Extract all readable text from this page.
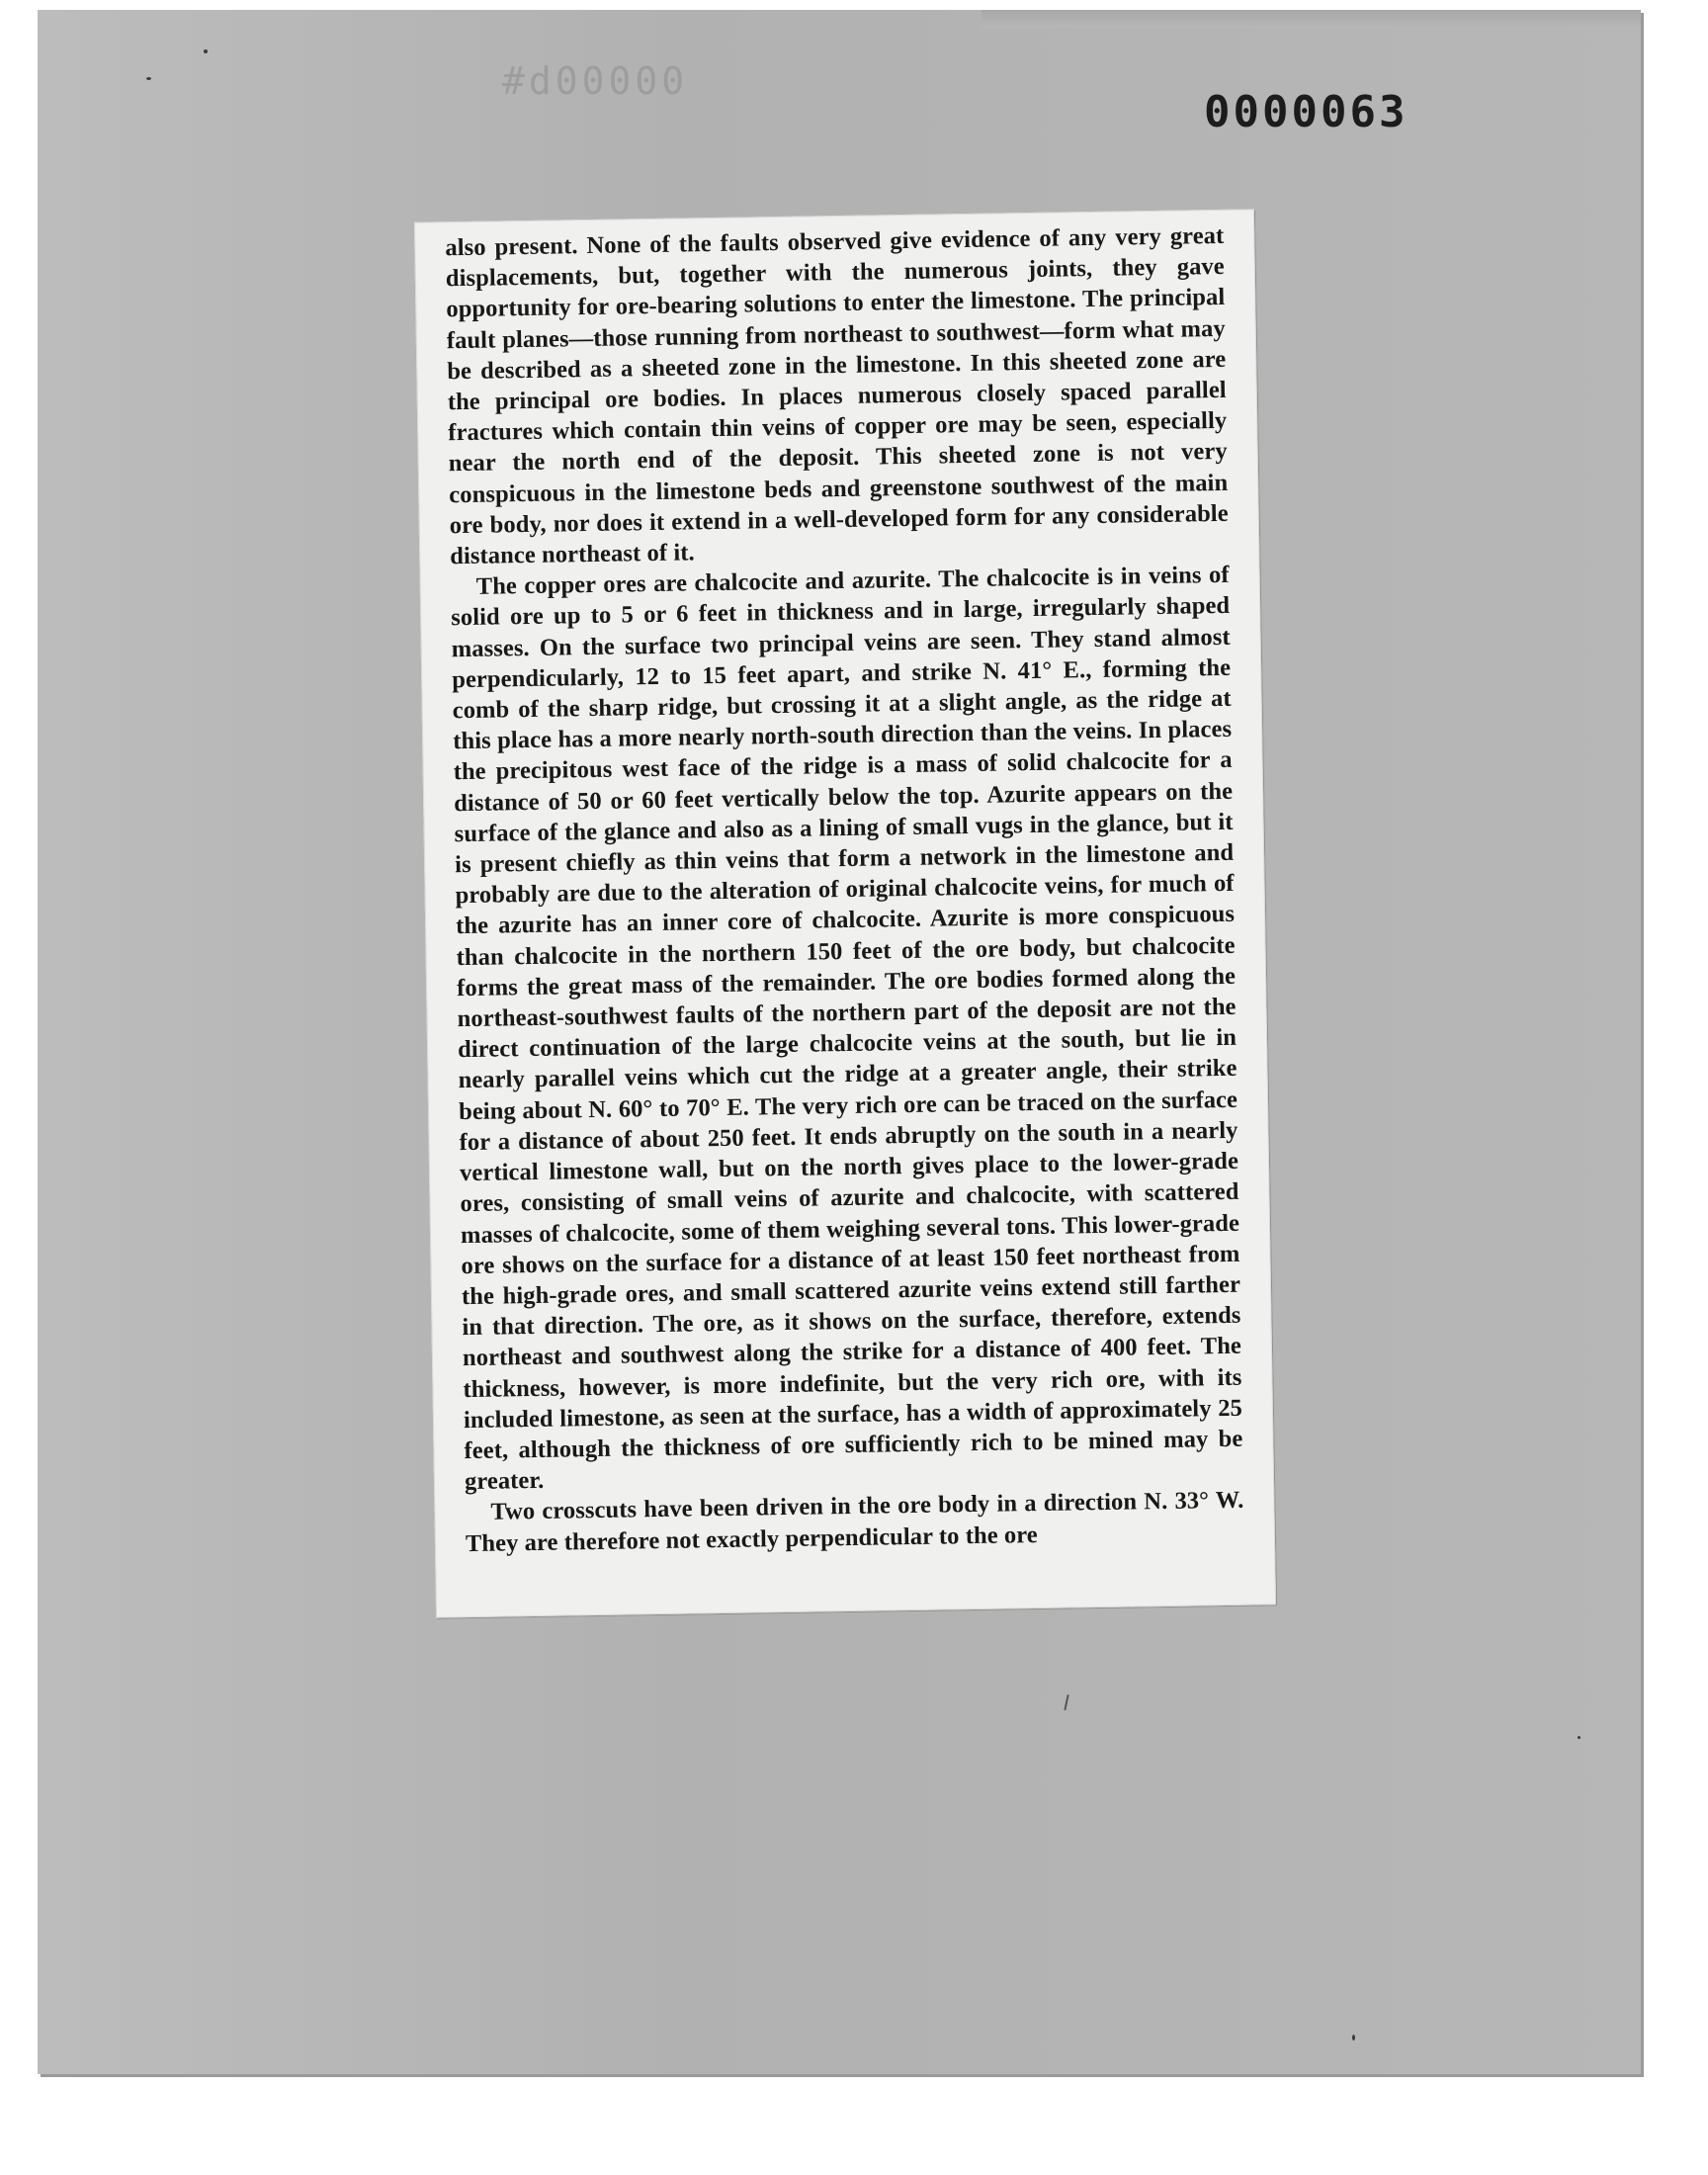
#d00000
0000063

also present. None of the faults observed give evidence of any very great displacements, but, together with the numerous joints, they gave opportunity for ore-bearing solutions to enter the limestone. The principal fault planes—those running from northeast to southwest—form what may be described as a sheeted zone in the limestone. In this sheeted zone are the principal ore bodies. In places numerous closely spaced parallel fractures which contain thin veins of copper ore may be seen, especially near the north end of the deposit. This sheeted zone is not very conspicuous in the limestone beds and greenstone southwest of the main ore body, nor does it extend in a well-developed form for any considerable distance northeast of it.

The copper ores are chalcocite and azurite. The chalcocite is in veins of solid ore up to 5 or 6 feet in thickness and in large, irregularly shaped masses. On the surface two principal veins are seen. They stand almost perpendicularly, 12 to 15 feet apart, and strike N. 41° E., forming the comb of the sharp ridge, but crossing it at a slight angle, as the ridge at this place has a more nearly north-south direction than the veins. In places the precipitous west face of the ridge is a mass of solid chalcocite for a distance of 50 or 60 feet vertically below the top. Azurite appears on the surface of the glance and also as a lining of small vugs in the glance, but it is present chiefly as thin veins that form a network in the limestone and probably are due to the alteration of original chalcocite veins, for much of the azurite has an inner core of chalcocite. Azurite is more conspicuous than chalcocite in the northern 150 feet of the ore body, but chalcocite forms the great mass of the remainder. The ore bodies formed along the northeast-southwest faults of the northern part of the deposit are not the direct continuation of the large chalcocite veins at the south, but lie in nearly parallel veins which cut the ridge at a greater angle, their strike being about N. 60° to 70° E. The very rich ore can be traced on the surface for a distance of about 250 feet. It ends abruptly on the south in a nearly vertical limestone wall, but on the north gives place to the lower-grade ores, consisting of small veins of azurite and chalcocite, with scattered masses of chalcocite, some of them weighing several tons. This lower-grade ore shows on the surface for a distance of at least 150 feet northeast from the high-grade ores, and small scattered azurite veins extend still farther in that direction. The ore, as it shows on the surface, therefore, extends northeast and southwest along the strike for a distance of 400 feet. The thickness, however, is more indefinite, but the very rich ore, with its included limestone, as seen at the surface, has a width of approximately 25 feet, although the thickness of ore sufficiently rich to be mined may be greater.

Two crosscuts have been driven in the ore body in a direction N. 33° W. They are therefore not exactly perpendicular to the ore
